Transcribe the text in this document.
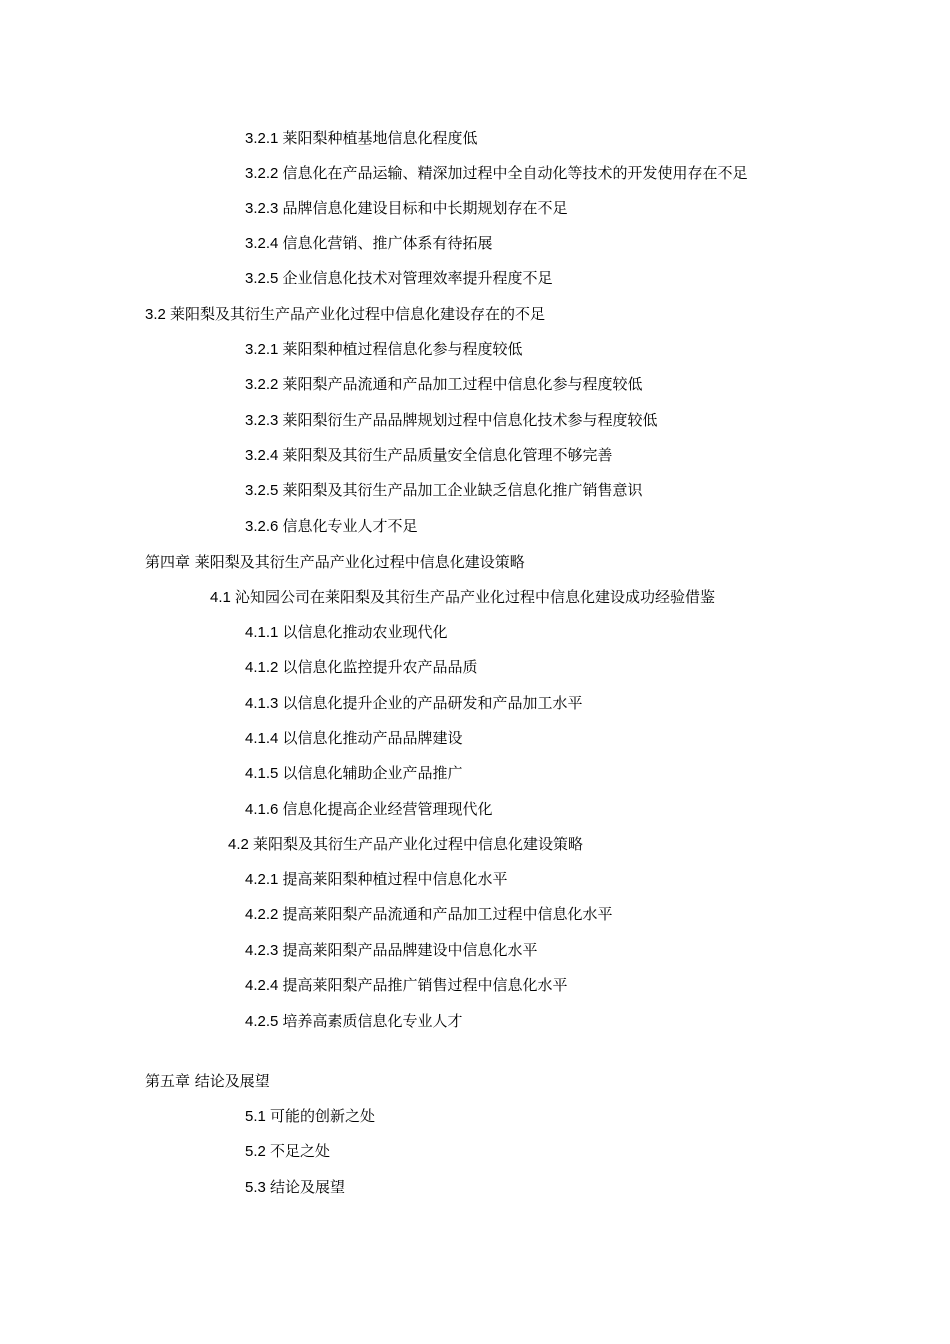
3.2.1 莱阳梨种植基地信息化程度低
3.2.2 信息化在产品运输、精深加过程中全自动化等技术的开发使用存在不足
3.2.3 品牌信息化建设目标和中长期规划存在不足
3.2.4 信息化营销、推广体系有待拓展
3.2.5 企业信息化技术对管理效率提升程度不足
3.2 莱阳梨及其衍生产品产业化过程中信息化建设存在的不足
3.2.1 莱阳梨种植过程信息化参与程度较低
3.2.2 莱阳梨产品流通和产品加工过程中信息化参与程度较低
3.2.3 莱阳梨衍生产品品牌规划过程中信息化技术参与程度较低
3.2.4 莱阳梨及其衍生产品质量安全信息化管理不够完善
3.2.5 莱阳梨及其衍生产品加工企业缺乏信息化推广销售意识
3.2.6 信息化专业人才不足
第四章 莱阳梨及其衍生产品产业化过程中信息化建设策略
4.1 沁知园公司在莱阳梨及其衍生产品产业化过程中信息化建设成功经验借鉴
4.1.1 以信息化推动农业现代化
4.1.2 以信息化监控提升农产品品质
4.1.3 以信息化提升企业的产品研发和产品加工水平
4.1.4 以信息化推动产品品牌建设
4.1.5 以信息化辅助企业产品推广
4.1.6 信息化提高企业经营管理现代化
4.2 莱阳梨及其衍生产品产业化过程中信息化建设策略
4.2.1 提高莱阳梨种植过程中信息化水平
4.2.2 提高莱阳梨产品流通和产品加工过程中信息化水平
4.2.3 提高莱阳梨产品品牌建设中信息化水平
4.2.4 提高莱阳梨产品推广销售过程中信息化水平
4.2.5 培养高素质信息化专业人才
第五章 结论及展望
5.1 可能的创新之处
5.2 不足之处
5.3 结论及展望
